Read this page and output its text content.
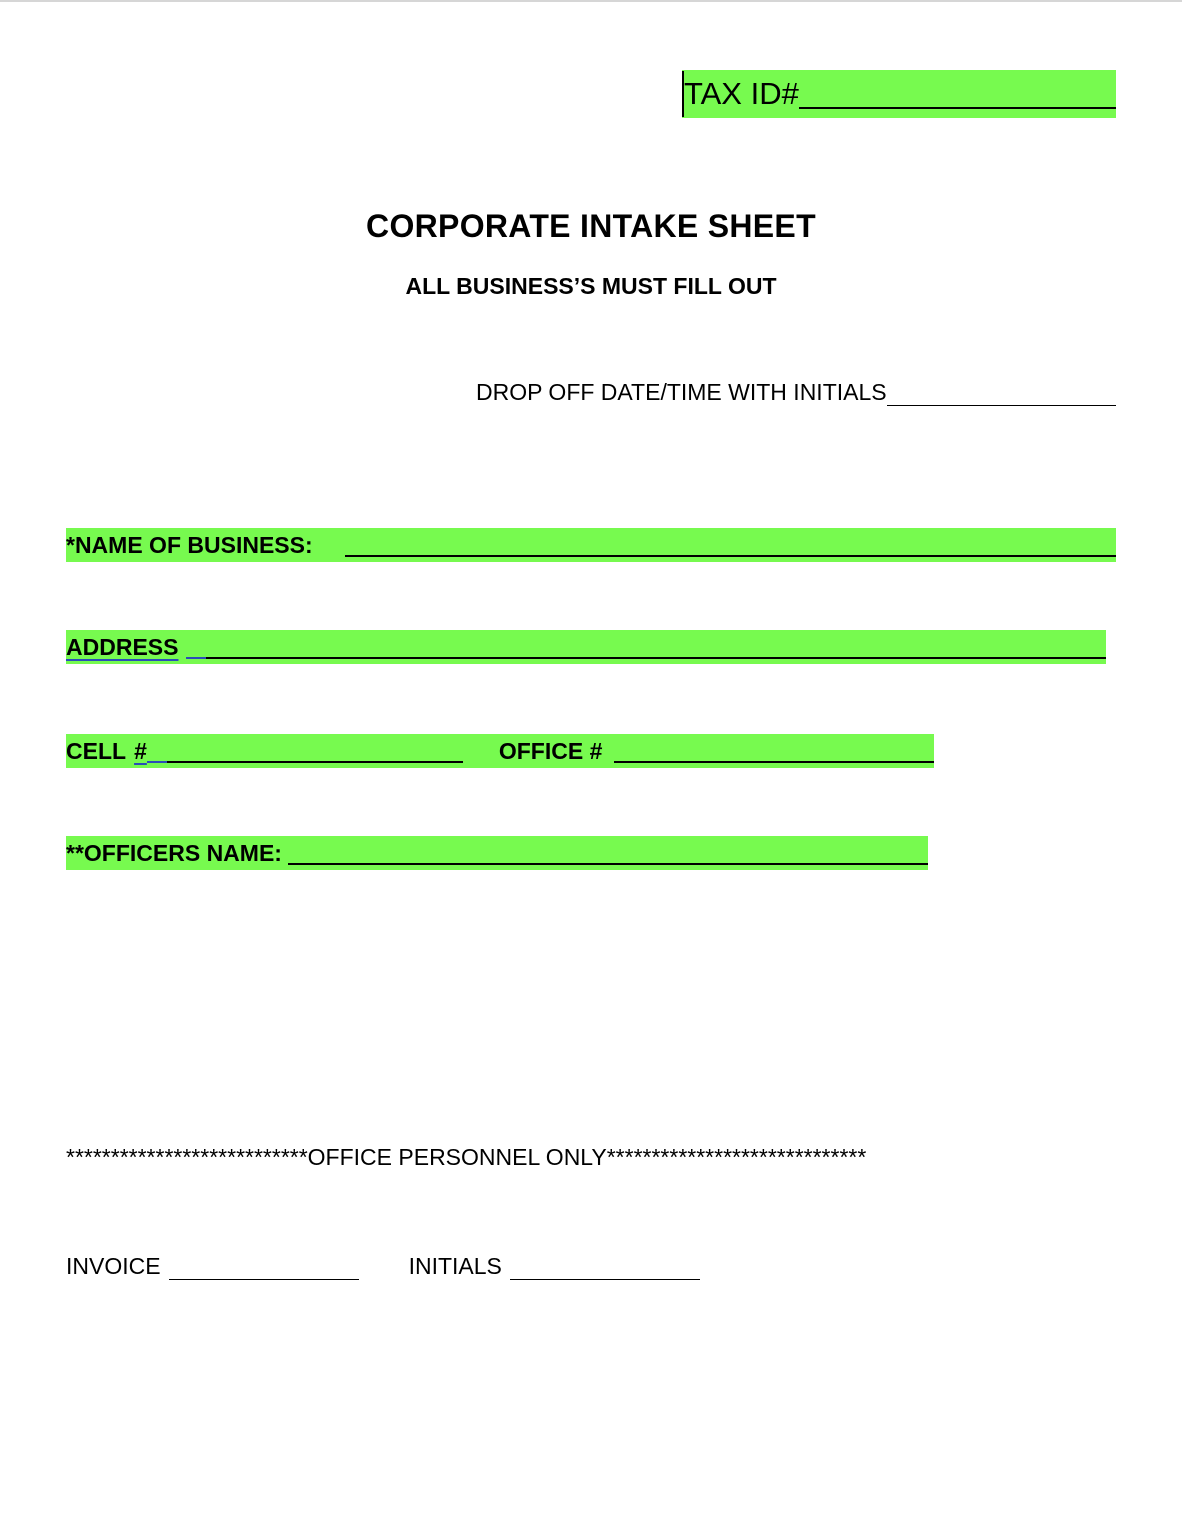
TAX ID#
CORPORATE INTAKE SHEET
ALL BUSINESS’S MUST FILL OUT
DROP OFF DATE/TIME WITH INITIALS
*NAME OF BUSINESS:
ADDRESS
CELL #	OFFICE #
**OFFICERS NAME:
***************************OFFICE PERSONNEL ONLY*****************************
INVOICE	INITIALS
